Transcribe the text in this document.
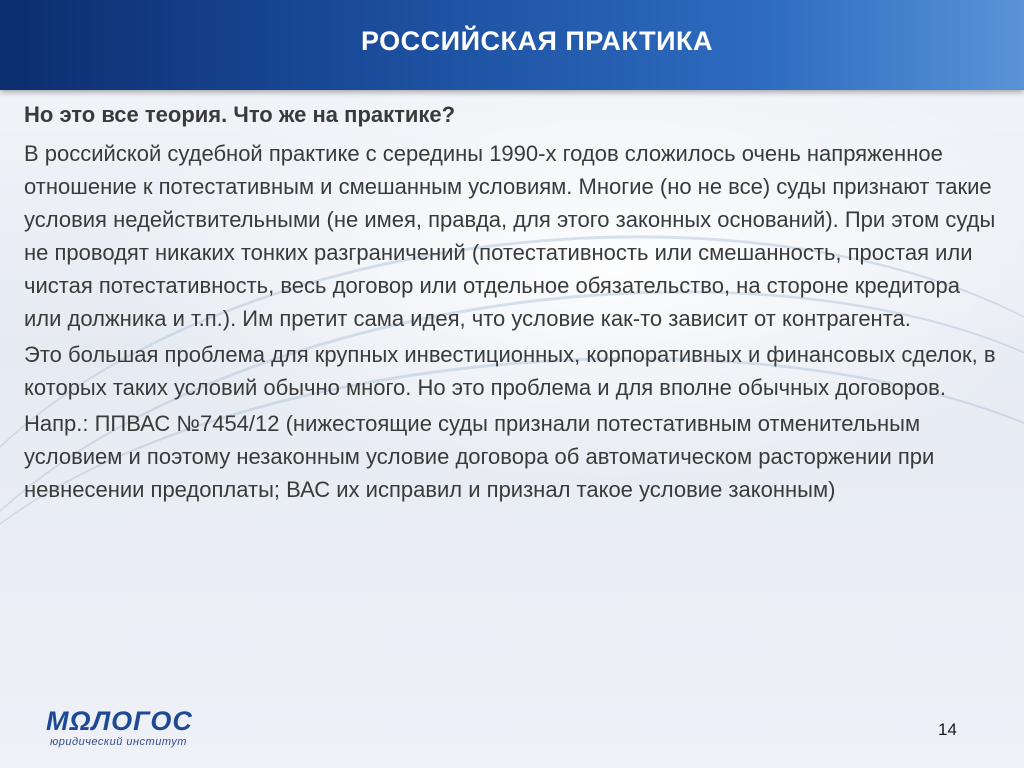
РОССИЙСКАЯ ПРАКТИКА

Но это все теория. Что же на практике?

В российской судебной практике с середины 1990-х годов сложилось очень напряженное отношение к потестативным и смешанным условиям. Многие (но не все) суды признают такие условия недействительными (не имея, правда, для этого законных оснований). При этом суды не проводят никаких тонких разграничений (потестативность или смешанность, простая или чистая потестативность, весь договор или отдельное обязательство, на стороне кредитора или должника и т.п.). Им претит сама идея, что условие как-то зависит от контрагента.

Это большая проблема для крупных инвестиционных, корпоративных и финансовых сделок, в которых таких условий обычно много. Но это проблема и для вполне обычных договоров.

Напр.: ППВАС №7454/12 (нижестоящие суды признали потестативным отменительным условием и поэтому незаконным условие договора об автоматическом расторжении при невнесении предоплаты; ВАС их исправил и признал такое условие законным)

МΩЛОГОС
юридический институт
14
